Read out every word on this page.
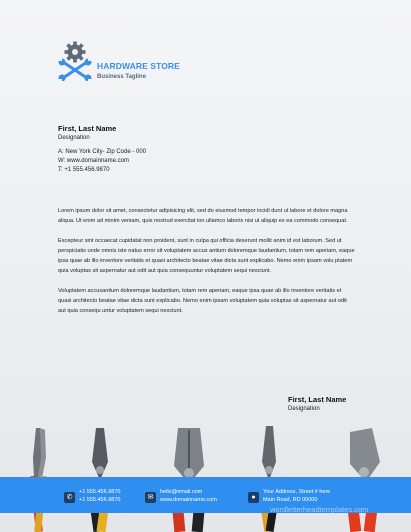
HARDWARE STORE
Business Tagline
First, Last Name
Designation
A: New York City- Zip Code - 000
W: www.domainname.com
T: +1 555.456.9870

Lorem ipsum dolor sit amet, consectetur adipisicing elit, sed do eiusmod tempor incidi dunt ut labore et dolore magna aliqua. Ut enim ad minim veniam, quis nostrud exercitat ion ullamco laboris nisi ut aliquip ex ea commodo consequat.

Excepteur sint occaecat cupidatat non proident, sunt in culpa qui officia deserunt mollit anim id est laborum. Sed ut perspiciatis unde omnis iste natus error sit voluptatem accus antium doloremque laudantium, totam rem aperiam, eaque ipsa quae ab illo inventore veritatis et quasi architecto beatae vitae dicta sunt explicabo. Nemo enim ipsam volu ptatem quia voluptas sit aspernatur aut odit aut quia consequuntur voluptatem sequi nesciunt.

Voluptatem accusantium doloremque laudantium, totam rem aperiam, eaque ipsa quae ab illo inventore veritatis et quasi architecto beatae vitae dicta sunt explicabo. Nemo enim ipsam voluptatem quia voluptas sit aspernatur aut odit aut quia consequ untur voluptatem sequi nesciunt.

First, Last Name
Designation
✆
+1 555.456.9870
+1 555.456.9870	✉
hello@email.com
www.domainname.com	●
Your Address, Street # here
Main Road, RD 00000
wordletterheadtemplates.com
